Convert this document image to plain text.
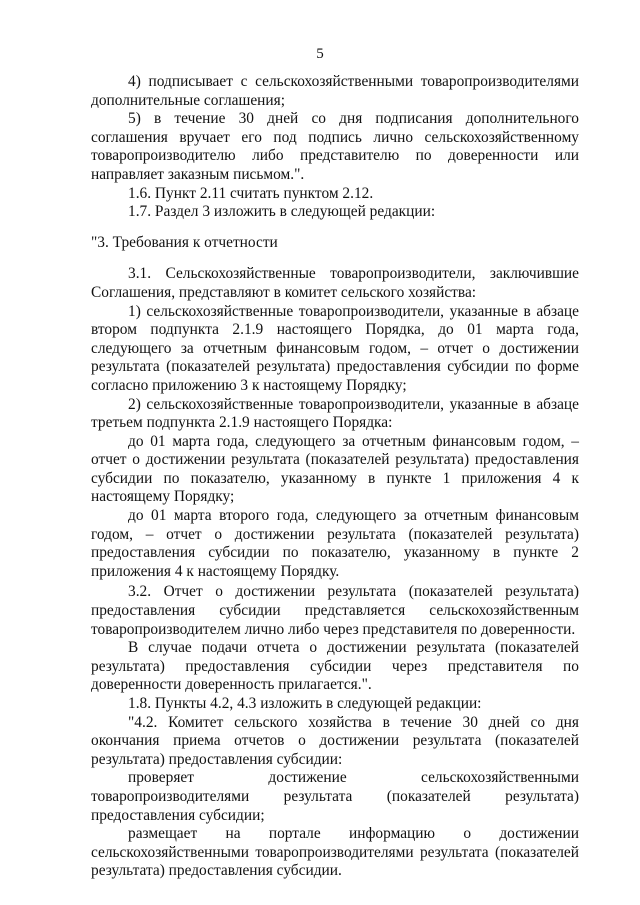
5

4) подписывает с сельскохозяйственными товаропроизводителями дополнительные соглашения;

5) в течение 30 дней со дня подписания дополнительного соглашения вручает его под подпись лично сельскохозяйственному товаропроизводителю либо представителю по доверенности или направляет заказным письмом.".

1.6. Пункт 2.11 считать пунктом 2.12.

1.7. Раздел 3 изложить в следующей редакции:

"3. Требования к отчетности

3.1. Сельскохозяйственные товаропроизводители, заключившие Соглашения, представляют в комитет сельского хозяйства:

1) сельскохозяйственные товаропроизводители, указанные в абзаце втором подпункта 2.1.9 настоящего Порядка, до 01 марта года, следующего за отчетным финансовым годом, – отчет о достижении результата (показателей результата) предоставления субсидии по форме согласно приложению 3 к настоящему Порядку;

2) сельскохозяйственные товаропроизводители, указанные в абзаце третьем подпункта 2.1.9 настоящего Порядка:

до 01 марта года, следующего за отчетным финансовым годом, – отчет о достижении результата (показателей результата) предоставления субсидии по показателю, указанному в пункте 1 приложения 4 к настоящему Порядку;

до 01 марта второго года, следующего за отчетным финансовым годом, – отчет о достижении результата (показателей результата) предоставления субсидии по показателю, указанному в пункте 2 приложения 4 к настоящему Порядку.

3.2. Отчет о достижении результата (показателей результата) предоставления субсидии представляется сельскохозяйственным товаропроизводителем лично либо через представителя по доверенности.

В случае подачи отчета о достижении результата (показателей результата) предоставления субсидии через представителя по доверенности доверенность прилагается.".

1.8. Пункты 4.2, 4.3 изложить в следующей редакции:

"4.2. Комитет сельского хозяйства в течение 30 дней со дня окончания приема отчетов о достижении результата (показателей результата) предоставления субсидии:

проверяет достижение сельскохозяйственными товаропроизводителями результата (показателей результата) предоставления субсидии;

размещает на портале информацию о достижении сельскохозяйственными товаропроизводителями результата (показателей результата) предоставления субсидии.
